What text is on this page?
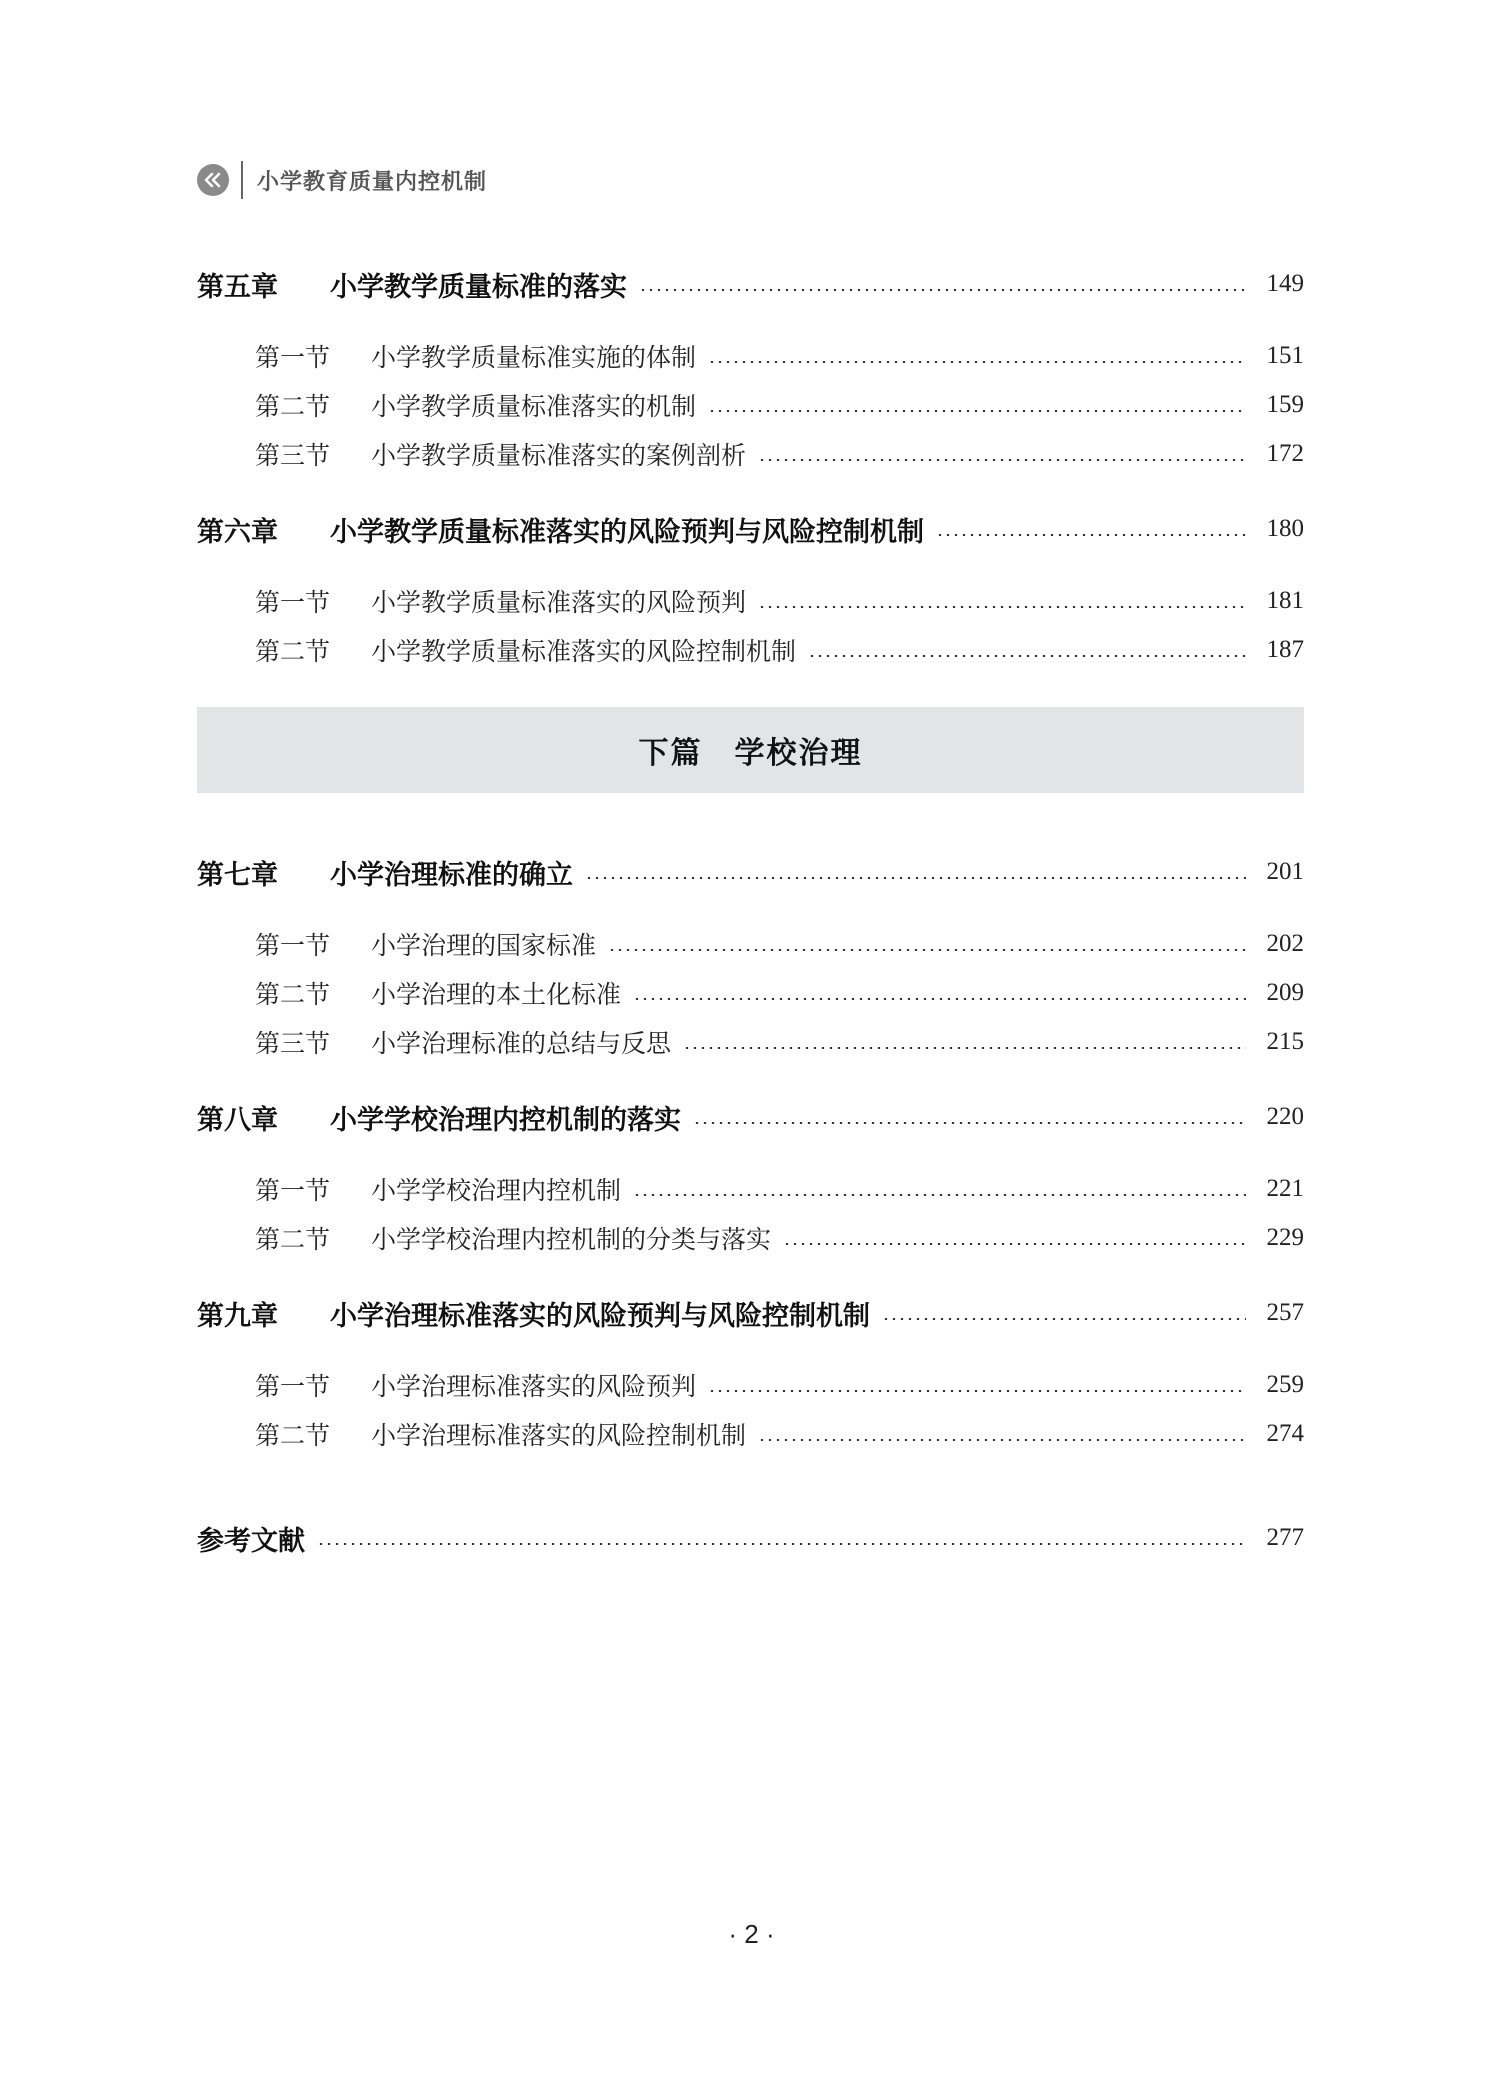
小学教育质量内控机制
第五章	小学教学质量标准的落实	149
第一节	小学教学质量标准实施的体制	151
第二节	小学教学质量标准落实的机制	159
第三节	小学教学质量标准落实的案例剖析	172
第六章	小学教学质量标准落实的风险预判与风险控制机制	180
第一节	小学教学质量标准落实的风险预判	181
第二节	小学教学质量标准落实的风险控制机制	187
第七章	小学治理标准的确立	201
第一节	小学治理的国家标准	202
第二节	小学治理的本土化标准	209
第三节	小学治理标准的总结与反思	215
第八章	小学学校治理内控机制的落实	220
第一节	小学学校治理内控机制	221
第二节	小学学校治理内控机制的分类与落实	229
第九章	小学治理标准落实的风险预判与风险控制机制	257
第一节	小学治理标准落实的风险预判	259
第二节	小学治理标准落实的风险控制机制	274
参考文献	277
下篇　学校治理
· 2 ·
